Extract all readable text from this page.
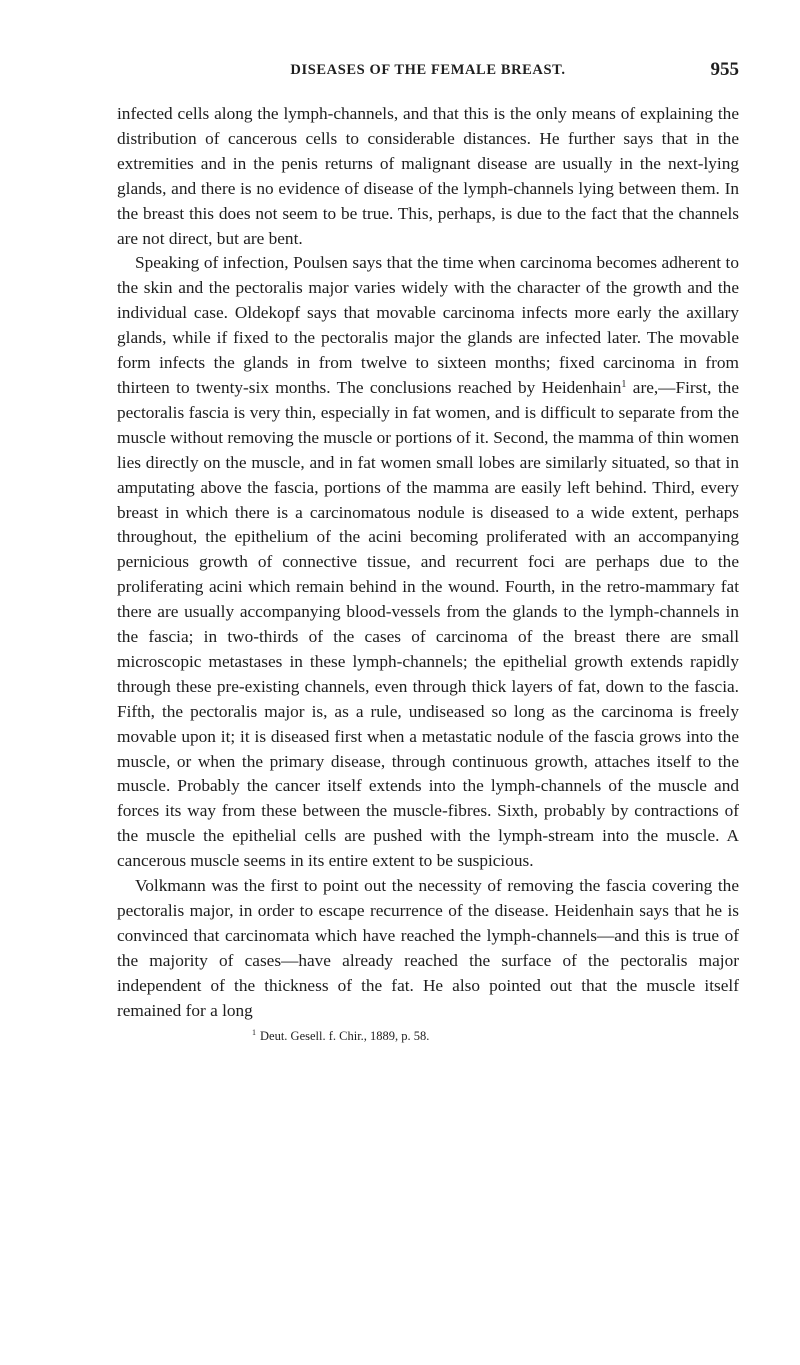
DISEASES OF THE FEMALE BREAST.	955

infected cells along the lymph-channels, and that this is the only means of explaining the distribution of cancerous cells to considerable distances. He further says that in the extremities and in the penis returns of malignant disease are usually in the next-lying glands, and there is no evidence of disease of the lymph-channels lying between them. In the breast this does not seem to be true. This, perhaps, is due to the fact that the channels are not direct, but are bent.

Speaking of infection, Poulsen says that the time when carcinoma becomes adherent to the skin and the pectoralis major varies widely with the character of the growth and the individual case. Oldekopf says that movable carcinoma infects more early the axillary glands, while if fixed to the pectoralis major the glands are infected later. The movable form infects the glands in from twelve to sixteen months; fixed carcinoma in from thirteen to twenty-six months. The conclusions reached by Heidenhain$^1$ are,—First, the pectoralis fascia is very thin, especially in fat women, and is difficult to separate from the muscle without removing the muscle or portions of it. Second, the mamma of thin women lies directly on the muscle, and in fat women small lobes are similarly situated, so that in amputating above the fascia, portions of the mamma are easily left behind. Third, every breast in which there is a carcinomatous nodule is diseased to a wide extent, perhaps throughout, the epithelium of the acini becoming proliferated with an accompanying pernicious growth of connective tissue, and recurrent foci are perhaps due to the proliferating acini which remain behind in the wound. Fourth, in the retro-mammary fat there are usually accompanying blood-vessels from the glands to the lymph-channels in the fascia; in two-thirds of the cases of carcinoma of the breast there are small microscopic metastases in these lymph-channels; the epithelial growth extends rapidly through these pre-existing channels, even through thick layers of fat, down to the fascia. Fifth, the pectoralis major is, as a rule, undiseased so long as the carcinoma is freely movable upon it; it is diseased first when a metastatic nodule of the fascia grows into the muscle, or when the primary disease, through continuous growth, attaches itself to the muscle. Probably the cancer itself extends into the lymph-channels of the muscle and forces its way from these between the muscle-fibres. Sixth, probably by contractions of the muscle the epithelial cells are pushed with the lymph-stream into the muscle. A cancerous muscle seems in its entire extent to be suspicious.

Volkmann was the first to point out the necessity of removing the fascia covering the pectoralis major, in order to escape recurrence of the disease. Heidenhain says that he is convinced that carcinomata which have reached the lymph-channels—and this is true of the majority of cases—have already reached the surface of the pectoralis major independent of the thickness of the fat. He also pointed out that the muscle itself remained for a long

$^1$ Deut. Gesell. f. Chir., 1889, p. 58.
